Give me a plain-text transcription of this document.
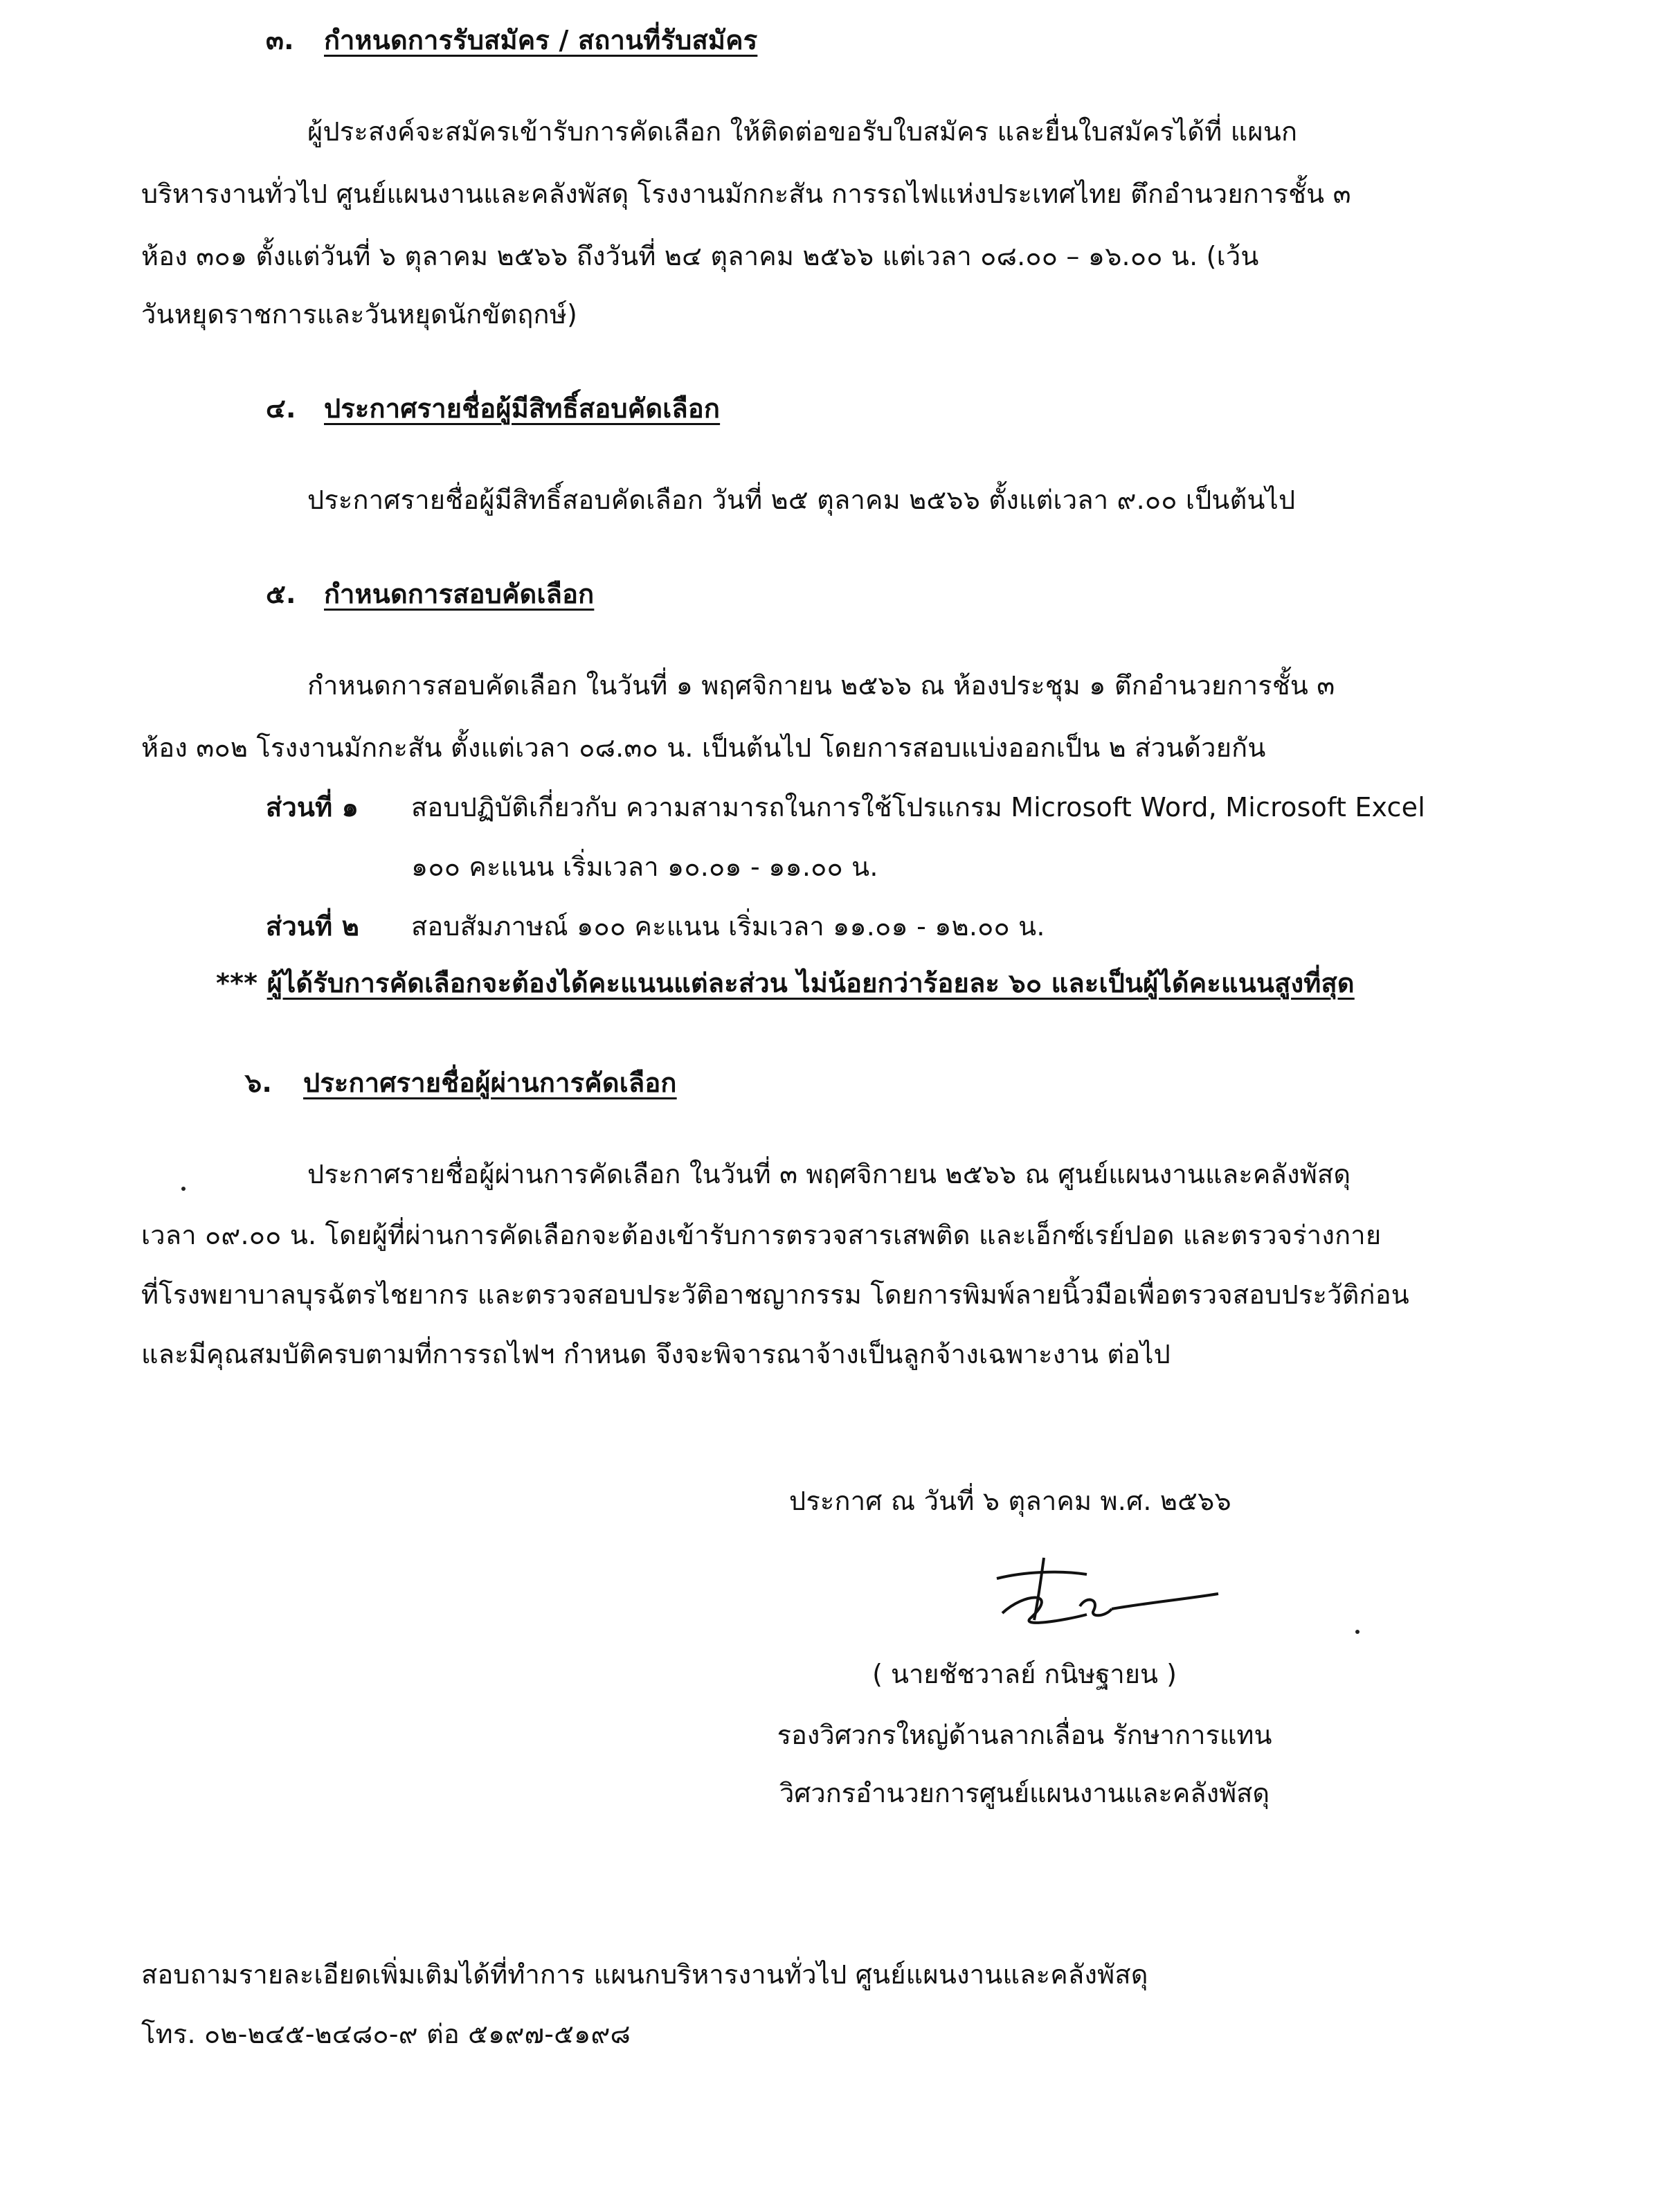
๓. กำหนดการรับสมัคร / สถานที่รับสมัคร
ผู้ประสงค์จะสมัครเข้ารับการคัดเลือก ให้ติดต่อขอรับใบสมัคร และยื่นใบสมัครได้ที่ แผนก
บริหารงานทั่วไป ศูนย์แผนงานและคลังพัสดุ โรงงานมักกะสัน การรถไฟแห่งประเทศไทย ตึกอำนวยการชั้น ๓
ห้อง ๓๐๑ ตั้งแต่วันที่ ๖ ตุลาคม ๒๕๖๖ ถึงวันที่ ๒๔ ตุลาคม ๒๕๖๖ แต่เวลา ๐๘.๐๐ – ๑๖.๐๐ น. (เว้น
วันหยุดราชการและวันหยุดนักขัตฤกษ์)
๔. ประกาศรายชื่อผู้มีสิทธิ์สอบคัดเลือก
ประกาศรายชื่อผู้มีสิทธิ์สอบคัดเลือก วันที่ ๒๕ ตุลาคม ๒๕๖๖ ตั้งแต่เวลา ๙.๐๐ เป็นต้นไป
๕. กำหนดการสอบคัดเลือก
กำหนดการสอบคัดเลือก ในวันที่ ๑ พฤศจิกายน ๒๕๖๖ ณ ห้องประชุม ๑ ตึกอำนวยการชั้น ๓
ห้อง ๓๐๒ โรงงานมักกะสัน ตั้งแต่เวลา ๐๘.๓๐ น. เป็นต้นไป โดยการสอบแบ่งออกเป็น ๒ ส่วนด้วยกัน
ส่วนที่ ๑ สอบปฏิบัติเกี่ยวกับ ความสามารถในการใช้โปรแกรม Microsoft Word, Microsoft Excel
๑๐๐ คะแนน เริ่มเวลา ๑๐.๐๑ - ๑๑.๐๐ น.
ส่วนที่ ๒ สอบสัมภาษณ์ ๑๐๐ คะแนน เริ่มเวลา ๑๑.๐๑ - ๑๒.๐๐ น.
*** ผู้ได้รับการคัดเลือกจะต้องได้คะแนนแต่ละส่วน ไม่น้อยกว่าร้อยละ ๖๐ และเป็นผู้ได้คะแนนสูงที่สุด
๖. ประกาศรายชื่อผู้ผ่านการคัดเลือก
ประกาศรายชื่อผู้ผ่านการคัดเลือก ในวันที่ ๓ พฤศจิกายน ๒๕๖๖ ณ ศูนย์แผนงานและคลังพัสดุ
เวลา ๐๙.๐๐ น. โดยผู้ที่ผ่านการคัดเลือกจะต้องเข้ารับการตรวจสารเสพติด และเอ็กซ์เรย์ปอด และตรวจร่างกาย
ที่โรงพยาบาลบุรฉัตรไชยากร และตรวจสอบประวัติอาชญากรรม โดยการพิมพ์ลายนิ้วมือเพื่อตรวจสอบประวัติก่อน
และมีคุณสมบัติครบตามที่การรถไฟฯ กำหนด จึงจะพิจารณาจ้างเป็นลูกจ้างเฉพาะงาน ต่อไป
ประกาศ ณ วันที่ ๖ ตุลาคม พ.ศ. ๒๕๖๖
( นายชัชวาลย์ กนิษฐายน )
รองวิศวกรใหญ่ด้านลากเลื่อน รักษาการแทน
วิศวกรอำนวยการศูนย์แผนงานและคลังพัสดุ
สอบถามรายละเอียดเพิ่มเติมได้ที่ทำการ แผนกบริหารงานทั่วไป ศูนย์แผนงานและคลังพัสดุ
โทร. ๐๒-๒๔๕-๒๔๘๐-๙ ต่อ ๕๑๙๗-๕๑๙๘
